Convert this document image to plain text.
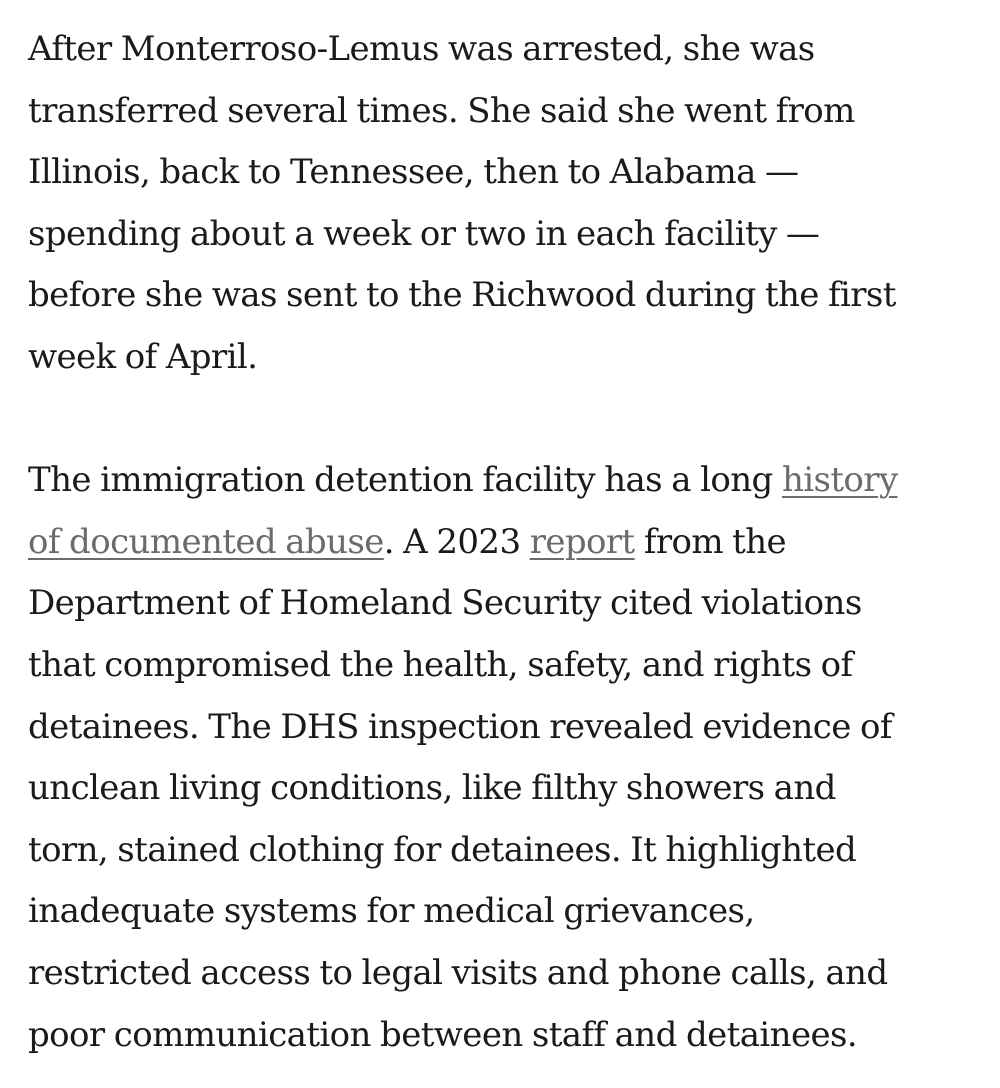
After Monterroso-Lemus was arrested, she was
transferred several times. She said she went from
Illinois, back to Tennessee, then to Alabama —
spending about a week or two in each facility —
before she was sent to the Richwood during the first
week of April.

The immigration detention facility has a long history
of documented abuse. A 2023 report from the
Department of Homeland Security cited violations
that compromised the health, safety, and rights of
detainees. The DHS inspection revealed evidence of
unclean living conditions, like filthy showers and
torn, stained clothing for detainees. It highlighted
inadequate systems for medical grievances,
restricted access to legal visits and phone calls, and
poor communication between staff and detainees.
